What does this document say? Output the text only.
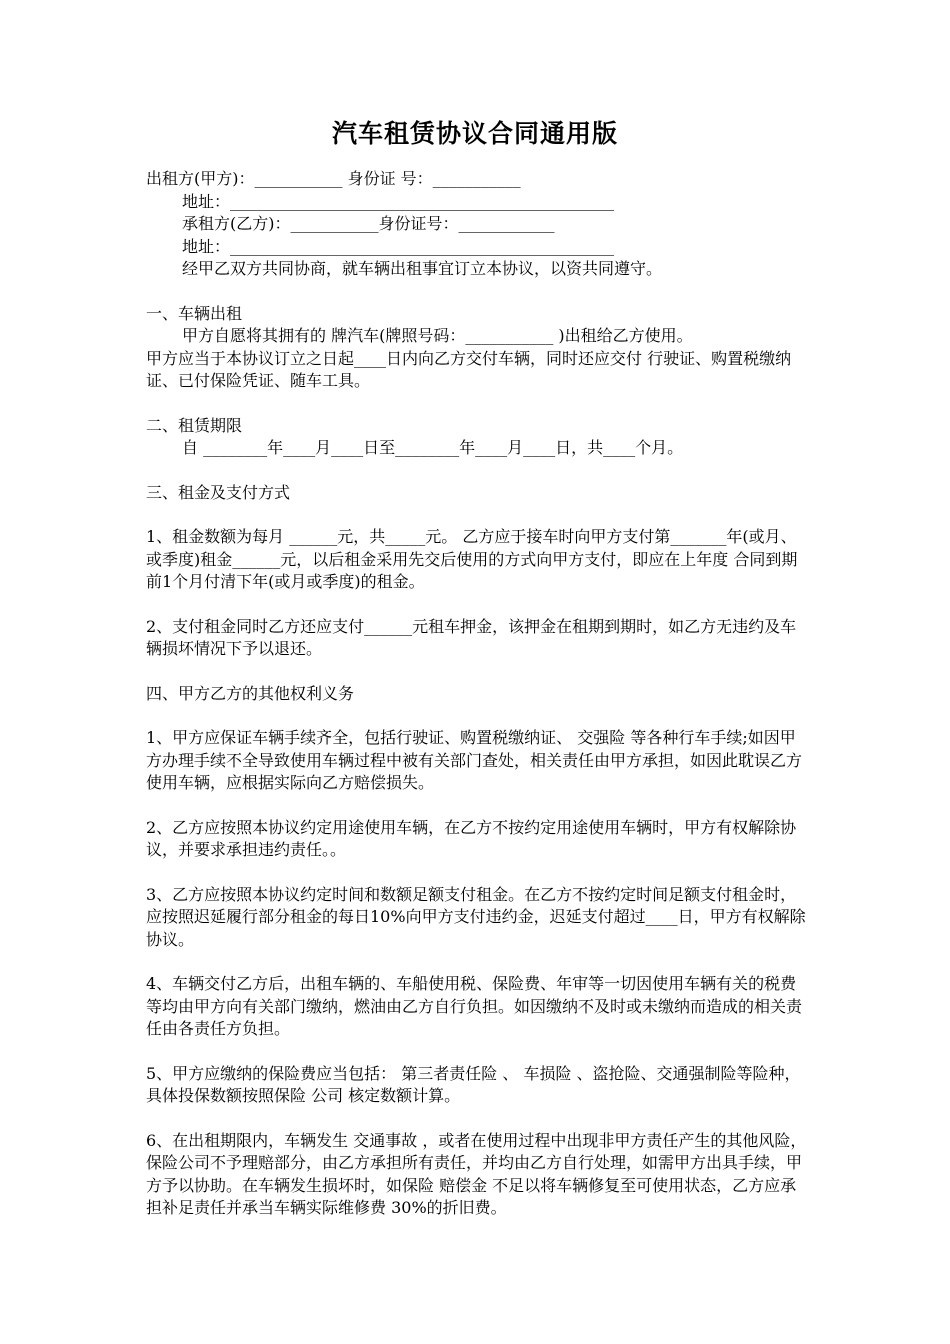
汽车租赁协议合同通用版

出租方(甲方)：___________ 身份证 号：___________

地址：________________________________________________

承租方(乙方)：___________身份证号：____________

地址：________________________________________________

经甲乙双方共同协商，就车辆出租事宜订立本协议，以资共同遵守。

一、车辆出租

甲方自愿将其拥有的 牌汽车(牌照号码：___________ )出租给乙方使用。

甲方应当于本协议订立之日起____日内向乙方交付车辆，同时还应交付 行驶证、购置税缴纳证、已付保险凭证、随车工具。

二、租赁期限

自 ________年____月____日至________年____月____日，共____个月。

三、租金及支付方式

1、租金数额为每月 ______元，共_____元。 乙方应于接车时向甲方支付第_______年(或月、或季度)租金______元，以后租金采用先交后使用的方式向甲方支付，即应在上年度 合同到期 前1个月付清下年(或月或季度)的租金。

2、支付租金同时乙方还应支付______元租车押金，该押金在租期到期时，如乙方无违约及车辆损坏情况下予以退还。

四、甲方乙方的其他权利义务

1、甲方应保证车辆手续齐全，包括行驶证、购置税缴纳证、 交强险 等各种行车手续;如因甲方办理手续不全导致使用车辆过程中被有关部门查处，相关责任由甲方承担，如因此耽误乙方使用车辆，应根据实际向乙方赔偿损失。

2、乙方应按照本协议约定用途使用车辆，在乙方不按约定用途使用车辆时，甲方有权解除协议，并要求承担违约责任。。

3、乙方应按照本协议约定时间和数额足额支付租金。在乙方不按约定时间足额支付租金时，应按照迟延履行部分租金的每日10%向甲方支付违约金，迟延支付超过____日，甲方有权解除协议。

4、车辆交付乙方后，出租车辆的、车船使用税、保险费、年审等一切因使用车辆有关的税费等均由甲方向有关部门缴纳，燃油由乙方自行负担。如因缴纳不及时或未缴纳而造成的相关责任由各责任方负担。

5、甲方应缴纳的保险费应当包括： 第三者责任险 、 车损险 、盗抢险、交通强制险等险种，具体投保数额按照保险 公司 核定数额计算。

6、在出租期限内，车辆发生 交通事故 ，或者在使用过程中出现非甲方责任产生的其他风险，保险公司不予理赔部分，由乙方承担所有责任，并均由乙方自行处理，如需甲方出具手续，甲方予以协助。在车辆发生损坏时，如保险 赔偿金 不足以将车辆修复至可使用状态，乙方应承担补足责任并承当车辆实际维修费 30%的折旧费。
